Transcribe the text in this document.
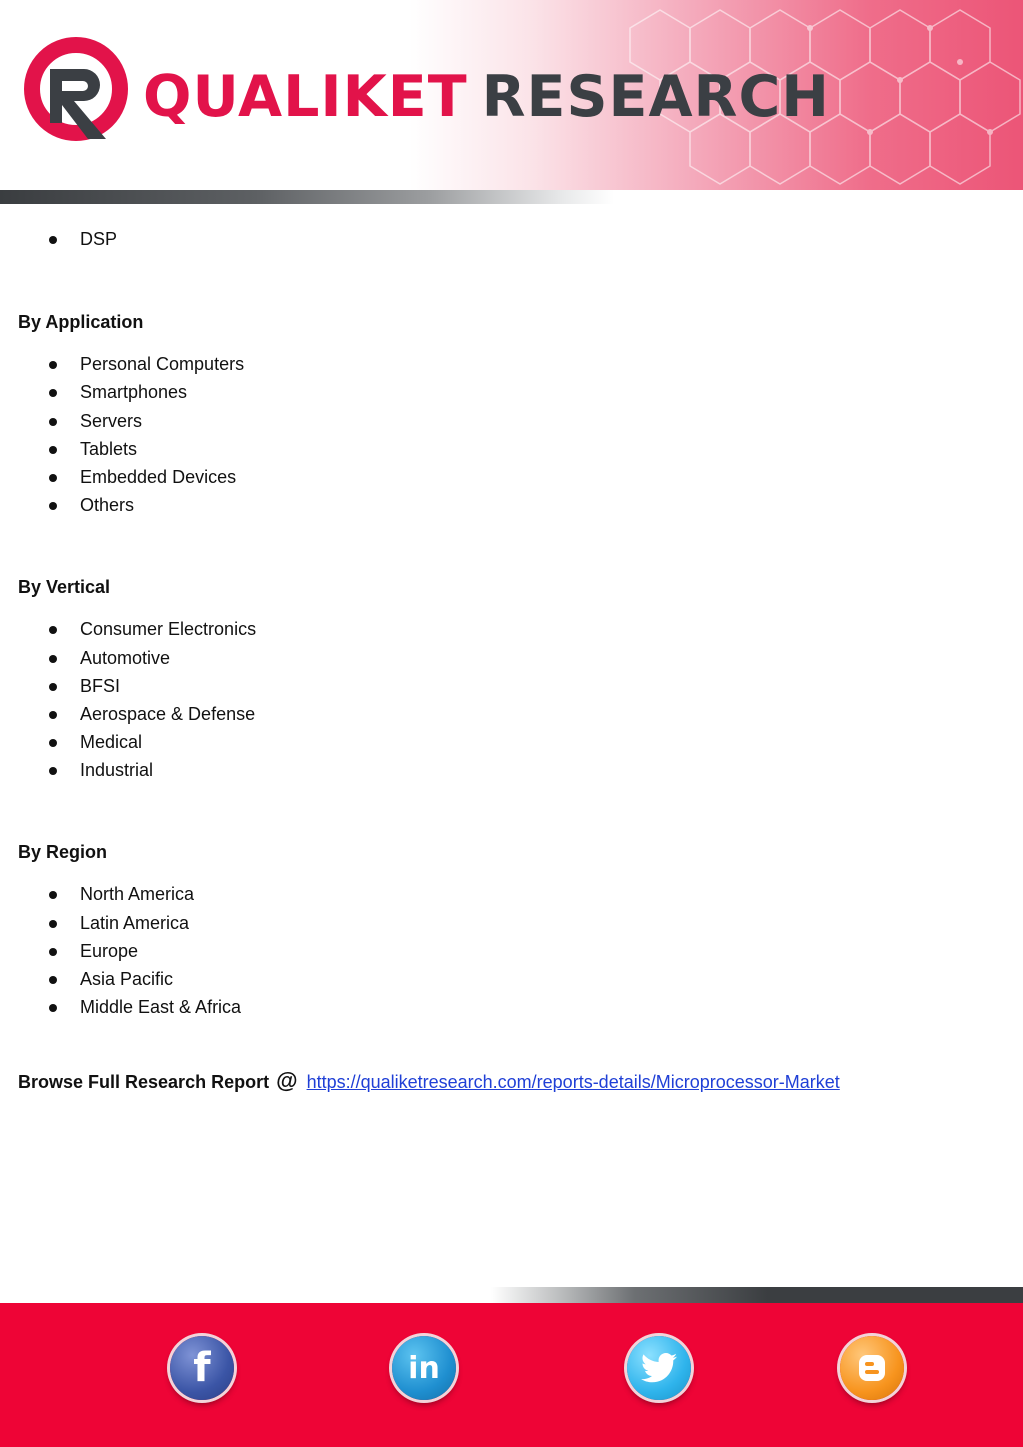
QUALIKET RESEARCH
DSP
By Application
Personal Computers
Smartphones
Servers
Tablets
Embedded Devices
Others
By Vertical
Consumer Electronics
Automotive
BFSI
Aerospace & Defense
Medical
Industrial
By Region
North America
Latin America
Europe
Asia Pacific
Middle East & Africa
Browse Full Research Report @ https://qualiketresearch.com/reports-details/Microprocessor-Market
f	in
